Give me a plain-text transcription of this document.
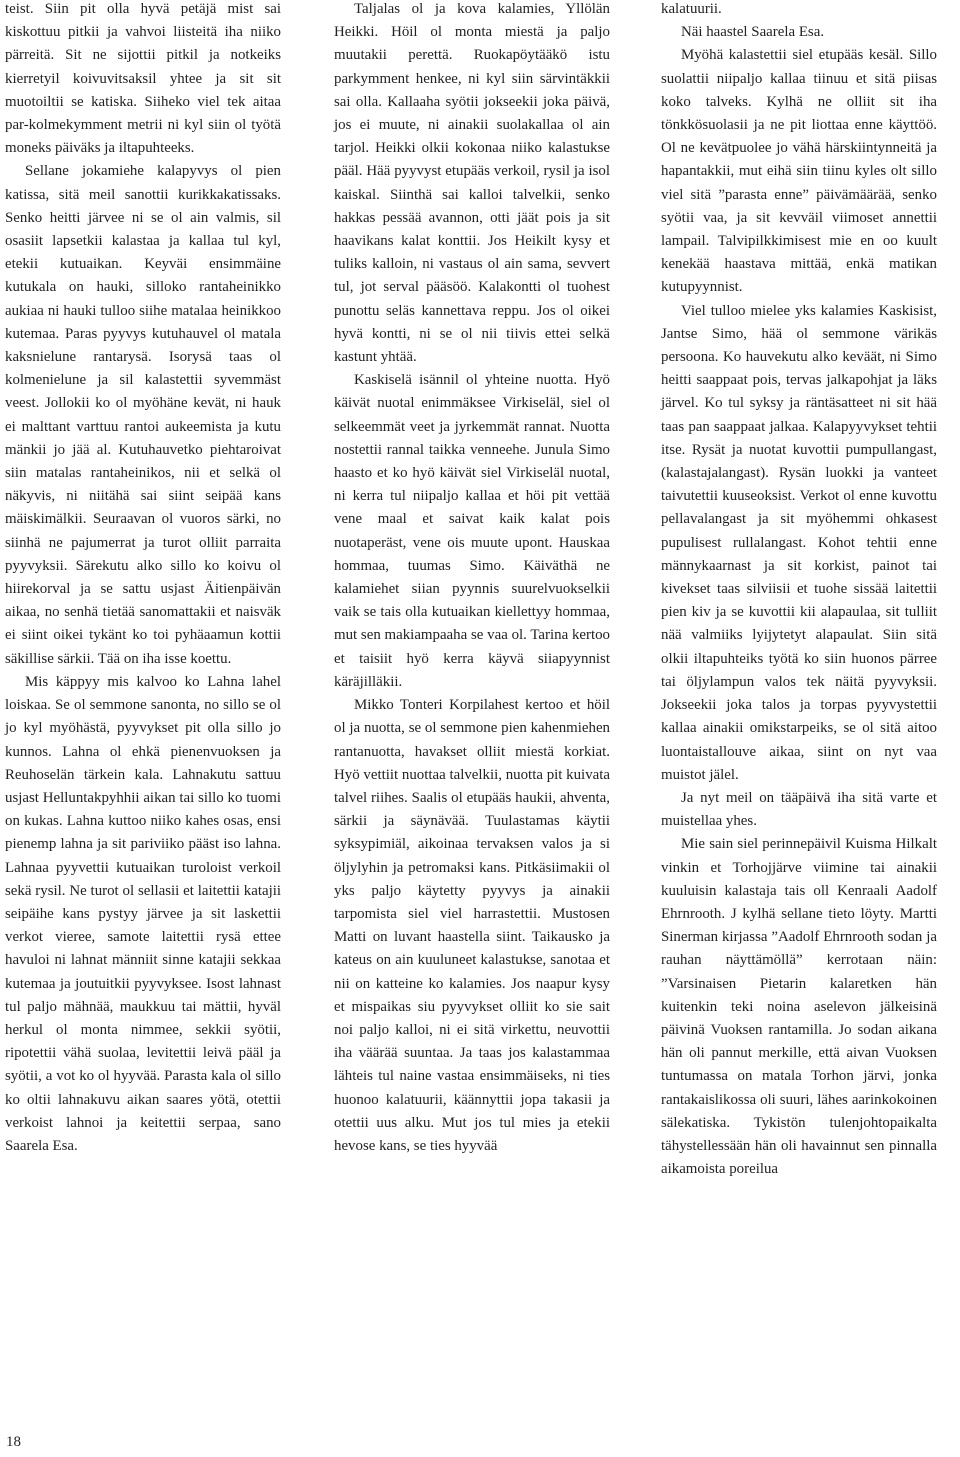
teist. Siin pit olla hyvä petäjä mist sai kiskottuu pitkii ja vahvoi liisteitä iha niiko pärreitä. Sit ne sijottii pitkil ja notkeiks kierretyil koivuvitsaksil yhtee ja sit sit muotoiltii se katiska. Siiheko viel tek aitaa par-kolmekymment metrii ni kyl siin ol työtä moneks päiväks ja iltapuhteeks.

Sellane jokamiehe kalapyvys ol pien katissa, sitä meil sanottii kurikkakatissaks. Senko heitti järvee ni se ol ain valmis, sil osasiit lapsetkii kalastaa ja kallaa tul kyl, etekii kutuaikan. Keyväi ensimmäine kutukala on hauki, silloko rantaheinikko aukiaa ni hauki tulloo siihe matalaa heinikkoo kutemaa. Paras pyyvys kutuhauvel ol matala kaksnielune rantarysä. Isorysä taas ol kolmenielune ja sil kalastettii syvemmäst veest. Jollokii ko ol myöhäne kevät, ni hauk ei malttant varttuu rantoi aukeemista ja kutu mänkii jo jää al. Kutuhauvetko piehtaroivat siin matalas rantaheinikos, nii et selkä ol näkyvis, ni niitähä sai siint seipää kans mäiskimälkii. Seuraavan ol vuoros särki, no siinhä ne pajumerrat ja turot olliit parraita pyyvyksii. Särekutu alko sillo ko koivu ol hiirekorval ja se sattu usjast Äitienpäivän aikaa, no senhä tietää sanomattakii et naisväk ei siint oikei tykänt ko toi pyhäaamun kottii säkillise särkii. Tää on iha isse koettu.

Mis käppyy mis kalvoo ko Lahna lahel loiskaa. Se ol semmone sanonta, no sillo se ol jo kyl myöhästä, pyyvykset pit olla sillo jo kunnos. Lahna ol ehkä pienenvuoksen ja Reuhoselän tärkein kala. Lahnakutu sattuu usjast Helluntakpyhhii aikan tai sillo ko tuomi on kukas. Lahna kuttoo niiko kahes osas, ensi pienemp lahna ja sit pariviiko pääst iso lahna. Lahnaa pyyvettii kutuaikan turoloist verkoil sekä rysil. Ne turot ol sellasii et laitettii katajii seipäihe kans pystyy järvee ja sit laskettii verkot vieree, samote laitettii rysä ettee havuloi ni lahnat männiit sinne katajii sekkaa kutemaa ja joutuitkii pyyvyksee. Isost lahnast tul paljo mähnää, maukkuu tai mättii, hyväl herkul ol monta nimmee, sekkii syötii, ripotettii vähä suolaa, levitettii leivä pääl ja syötii, a vot ko ol hyyvää. Parasta kala ol sillo ko oltii lahnakuvu aikan saares yötä, otettii verkoist lahnoi ja keitettii serpaa, sano Saarela Esa.

Taljalas ol ja kova kalamies, Yllölän Heikki. Höil ol monta miestä ja paljo muutakii perettä. Ruokapöytääkö istu parkymment henkee, ni kyl siin särvintäkkii sai olla. Kallaaha syötii jokseekii joka päivä, jos ei muute, ni ainakii suolakallaa ol ain tarjol. Heikki olkii kokonaa niiko kalastukse pääl. Hää pyyvyst etupääs verkoil, rysil ja isol kaiskal. Siinthä sai kalloi talvelkii, senko hakkas pessää avannon, otti jäät pois ja sit haavikans kalat konttii. Jos Heikilt kysy et tuliks kalloin, ni vastaus ol ain sama, sevvert tul, jot serval pääsöö. Kalakontti ol tuohest punottu seläs kannettava reppu. Jos ol oikei hyvä kontti, ni se ol nii tiivis ettei selkä kastunt yhtää.

Kaskiselä isännil ol yhteine nuotta. Hyö käivät nuotal enimmäksee Virkiseläl, siel ol selkeemmät veet ja jyrkemmät rannat. Nuotta nostettii rannal taikka venneehe. Junula Simo haasto et ko hyö käivät siel Virkiseläl nuotal, ni kerra tul niipaljo kallaa et höi pit vettää vene maal et saivat kaik kalat pois nuotaperäst, vene ois muute upont. Hauskaa hommaa, tuumas Simo. Käiväthä ne kalamiehet siian pyynnis suurelvuokselkii vaik se tais olla kutuaikan kiellettyy hommaa, mut sen makiampaaha se vaa ol. Tarina kertoo et taisiit hyö kerra käyvä siiapyynnist käräjilläkii.

Mikko Tonteri Korpilahest kertoo et höil ol ja nuotta, se ol semmone pien kahenmiehen rantanuotta, havakset olliit miestä korkiat. Hyö vettiit nuottaa talvelkii, nuotta pit kuivata talvel riihes. Saalis ol etupääs haukii, ahventa, särkii ja säynävää. Tuulastamas käytii syksypimiäl, aikoinaa tervaksen valos ja si öljylyhin ja petromaksi kans. Pitkäsiimakii ol yks paljo käytetty pyyvys ja ainakii tarpomista siel viel harrastettii. Mustosen Matti on luvant haastella siint. Taikausko ja kateus on ain kuuluneet kalastukse, sanotaa et nii on katteine ko kalamies. Jos naapur kysy et mispaikas siu pyyvykset olliit ko sie sait noi paljo kalloi, ni ei sitä virkettu, neuvottii iha väärää suuntaa. Ja taas jos kalastammaa lähteis tul naine vastaa ensimmäiseks, ni ties huonoo kalatuurii, käännyttii jopa takasii ja otettii uus alku. Mut jos tul mies ja etekii hevose kans, se ties hyyvää

kalatuurii.

Näi haastel Saarela Esa.

Myöhä kalastettii siel etupääs kesäl. Sillo suolattii niipaljo kallaa tiinuu et sitä piisas koko talveks. Kylhä ne olliit sit iha tönkkösuolasii ja ne pit liottaa enne käyttöö. Ol ne kevätpuolee jo vähä härskiintynneitä ja hapantakkii, mut eihä siin tiinu kyles olt sillo viel sitä ”parasta enne” päivämäärää, senko syötii vaa, ja sit kevväil viimoset annettii lampail. Talvipilkkimisest mie en oo kuult kenekää haastava mittää, enkä matikan kutupyynnist.

Viel tulloo mielee yks kalamies Kaskisist, Jantse Simo, hää ol semmone värikäs persoona. Ko hauvekutu alko keväät, ni Simo heitti saappaat pois, tervas jalkapohjat ja läks järvel. Ko tul syksy ja räntäsatteet ni sit hää taas pan saappaat jalkaa. Kalapyyvykset tehtii itse. Rysät ja nuotat kuvottii pumpullangast, (kalastajalangast). Rysän luokki ja vanteet taivutettii kuuseoksist. Verkot ol enne kuvottu pellavalangast ja sit myöhemmi ohkasest pupulisest rullalangast. Kohot tehtii enne männykaarnast ja sit korkist, painot tai kivekset taas silviisii et tuohe sissää laitettii pien kiv ja se kuvottii kii alapaulaa, sit tulliit nää valmiiks lyijytetyt alapaulat. Siin sitä olkii iltapuhteiks työtä ko siin huonos pärree tai öljylampun valos tek näitä pyyvyksii. Jokseekii joka talos ja torpas pyyvystettii kallaa ainakii omikstarpeiks, se ol sitä aitoo luontaistallouve aikaa, siint on nyt vaa muistot jälel.

Ja nyt meil on tääpäivä iha sitä varte et muistellaa yhes.

Mie sain siel perinnepäivil Kuisma Hilkalt vinkin et Torhojjärve viimine tai ainakii kuuluisin kalastaja tais oll Kenraali Aadolf Ehrnrooth. J kylhä sellane tieto löyty. Martti Sinerman kirjassa ”Aadolf Ehrnrooth sodan ja rauhan näyttämöllä” kerrotaan näin: ”Varsinaisen Pietarin kalaretken hän kuitenkin teki noina aselevon jälkeisinä päivinä Vuoksen rantamilla. Jo sodan aikana hän oli pannut merkille, että aivan Vuoksen tuntumassa on matala Torhon järvi, jonka rantakaislikossa oli suuri, lähes aarinkokoinen sälekatiska. Tykistön tulenjohtopaikalta tähystellessään hän oli havainnut sen pinnalla aikamoista poreilua

18
